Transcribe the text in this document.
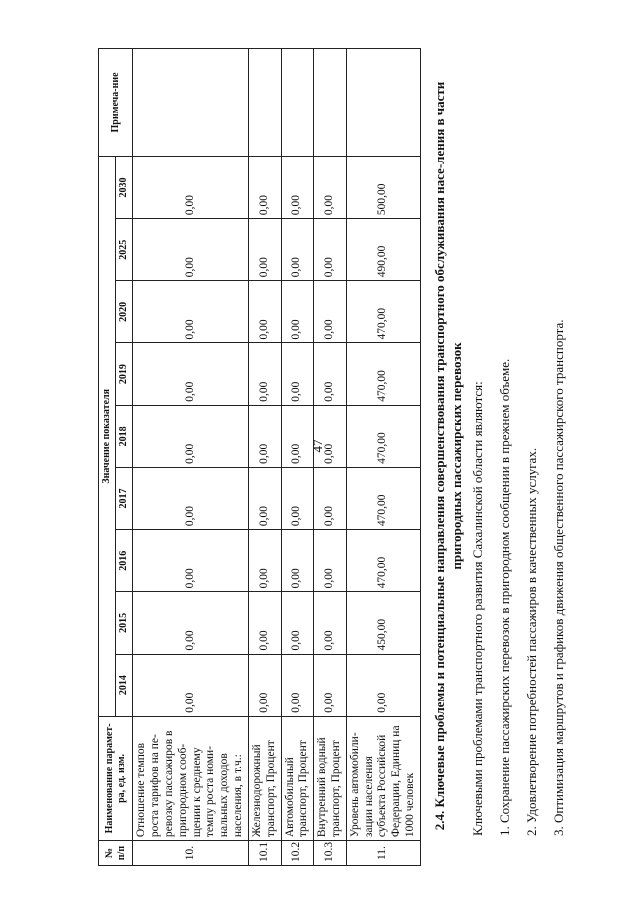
47
№ п/п	Наименование парамет-ра, ед. изм.	Значение показателя									Примеча-ние
		2014	2015	2016	2017	2018	2019	2020	2025	2030	
10.	Отношение темпов роста тарифов на пе-ревозку пассажиров в пригородном сооб-щении к среднему темпу роста номи-нальных доходов населения, в т.ч.:	0,00	0,00	0,00	0,00	0,00	0,00	0,00	0,00	0,00	
10.1	Железнодорожный транспорт, Процент	0,00	0,00	0,00	0,00	0,00	0,00	0,00	0,00	0,00	
10.2	Автомобильный транспорт, Процент	0,00	0,00	0,00	0,00	0,00	0,00	0,00	0,00	0,00	
10.3	Внутренний водный транспорт, Процент	0,00	0,00	0,00	0,00	0,00	0,00	0,00	0,00	0,00	
11.	Уровень автомобили-зации населения субъекта Российской Федерации, Единиц на 1000 человек	0,00	450,00	470,00	470,00	470,00	470,00	470,00	490,00	500,00		2.4. Ключевые проблемы и потенциальные направления совершенствования транспортного обслуживания насе-ления в части пригородных пассажирских перевозок Ключевыми проблемами транспортного развития Сахалинской области являются: 1. Сохранение пассажирских перевозок в пригородном сообщении в прежнем объеме. 2. Удовлетворение потребностей пассажиров в качественных услугах. 3. Оптимизация маршрутов и графиков движения общественного пассажирского транспорта.
